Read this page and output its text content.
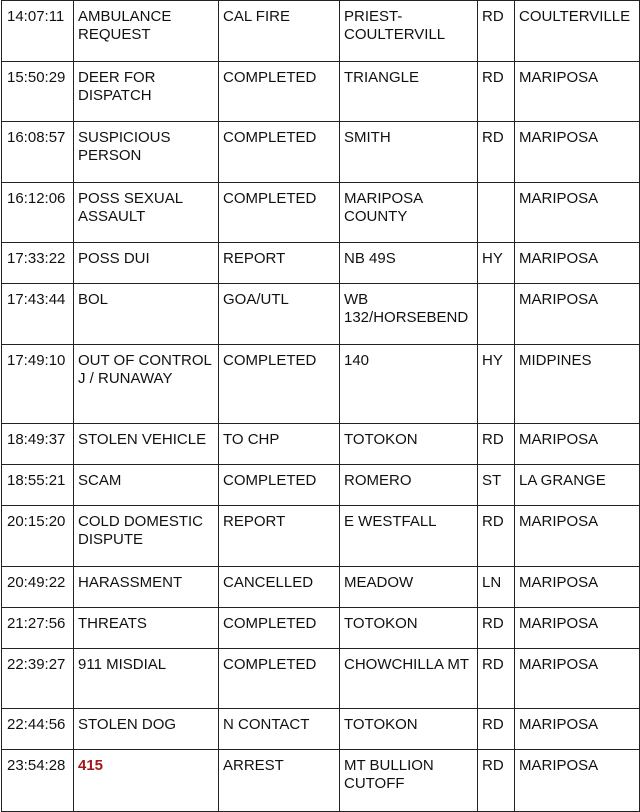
14:07:11	AMBULANCE REQUEST	CAL FIRE	PRIEST-COULTERVILL	RD	COULTERVILLE
15:50:29	DEER FOR DISPATCH	COMPLETED	TRIANGLE	RD	MARIPOSA
16:08:57	SUSPICIOUS PERSON	COMPLETED	SMITH	RD	MARIPOSA
16:12:06	POSS SEXUAL ASSAULT	COMPLETED	MARIPOSA COUNTY		MARIPOSA
17:33:22	POSS DUI	REPORT	NB 49S	HY	MARIPOSA
17:43:44	BOL	GOA/UTL	WB 132/HORSEBEND		MARIPOSA
17:49:10	OUT OF CONTROL J / RUNAWAY	COMPLETED	140	HY	MIDPINES
18:49:37	STOLEN VEHICLE	TO CHP	TOTOKON	RD	MARIPOSA
18:55:21	SCAM	COMPLETED	ROMERO	ST	LA GRANGE
20:15:20	COLD DOMESTIC DISPUTE	REPORT	E WESTFALL	RD	MARIPOSA
20:49:22	HARASSMENT	CANCELLED	MEADOW	LN	MARIPOSA
21:27:56	THREATS	COMPLETED	TOTOKON	RD	MARIPOSA
22:39:27	911 MISDIAL	COMPLETED	CHOWCHILLA MT	RD	MARIPOSA
22:44:56	STOLEN DOG	N CONTACT	TOTOKON	RD	MARIPOSA
23:54:28	415	ARREST	MT BULLION CUTOFF	RD	MARIPOSA
